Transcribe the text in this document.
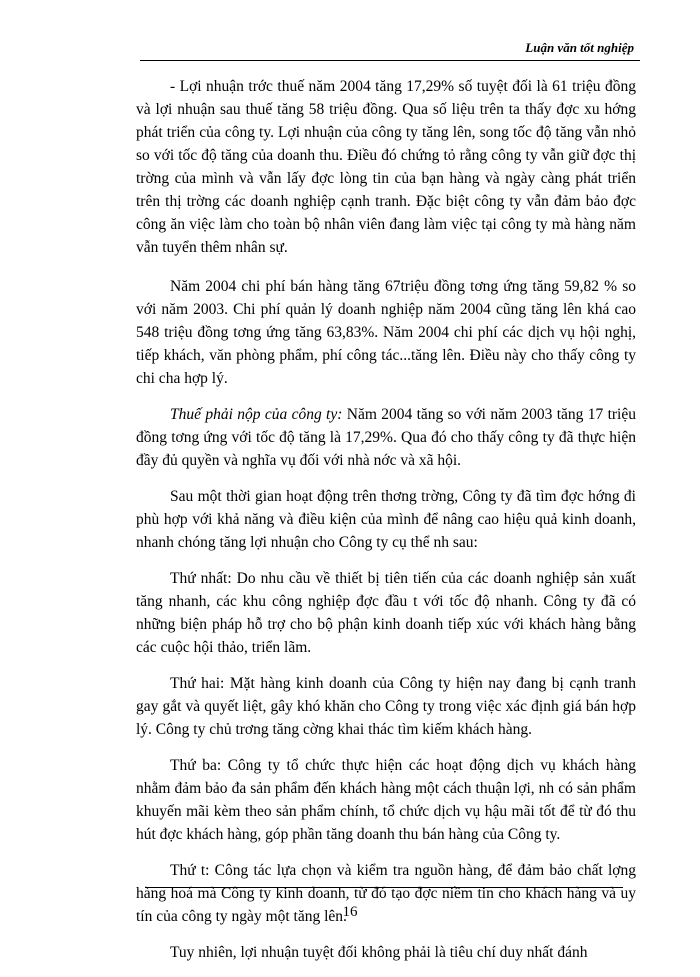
Luận văn tốt nghiệp

- Lợi nhuận trớc thuế năm 2004 tăng 17,29% số tuyệt đối là 61 triệu đồng và lợi nhuận sau thuế tăng 58 triệu đồng. Qua số liệu trên ta thấy đợc xu hớng phát triển của công ty. Lợi nhuận của công ty tăng lên, song tốc độ tăng vẫn nhỏ so với tốc độ tăng của doanh thu. Điều đó chứng tỏ rằng công ty vẫn giữ đợc thị trờng của mình và vẫn lấy đợc lòng tin của bạn hàng và ngày càng phát triển trên thị trờng các doanh nghiệp cạnh tranh. Đặc biệt công ty vẫn đảm bảo đợc công ăn việc làm cho toàn bộ nhân viên đang làm việc tại công ty mà hàng năm vẫn tuyển thêm nhân sự.

Năm 2004 chi phí bán hàng tăng 67triệu đồng tơng ứng tăng 59,82 % so với năm 2003. Chi phí quản lý doanh nghiệp năm 2004 cũng tăng lên khá cao 548 triệu đồng tơng ứng tăng 63,83%. Năm 2004 chi phí các dịch vụ hội nghị, tiếp khách, văn phòng phẩm, phí công tác...tăng lên. Điều này cho thấy công ty chi cha hợp lý.

Thuế phải nộp của công ty: Năm 2004 tăng so với năm 2003 tăng 17 triệu đồng tơng ứng với tốc độ tăng là 17,29%. Qua đó cho thấy công ty đã thực hiện đầy đủ quyền và nghĩa vụ đối với nhà nớc và xã hội.

Sau một thời gian hoạt động trên thơng trờng, Công ty đã tìm đợc hớng đi phù hợp với khả năng và điều kiện của mình để nâng cao hiệu quả kinh doanh, nhanh chóng tăng lợi nhuận cho Công ty cụ thể nh sau:

Thứ nhất: Do nhu cầu về thiết bị tiên tiến của các doanh nghiệp sản xuất tăng nhanh, các khu công nghiệp đợc đầu t với tốc độ nhanh. Công ty đã có những biện pháp hỗ trợ cho bộ phận kinh doanh tiếp xúc với khách hàng bằng các cuộc hội thảo, triển lãm.

Thứ hai: Mặt hàng kinh doanh của Công ty hiện nay đang bị cạnh tranh gay gắt và quyết liệt, gây khó khăn cho Công ty trong việc xác định giá bán hợp lý. Công ty chủ trơng tăng cờng khai thác tìm kiếm khách hàng.

Thứ ba: Công ty tổ chức thực hiện các hoạt động dịch vụ khách hàng nhằm đảm bảo đa sản phẩm đến khách hàng một cách thuận lợi, nh có sản phẩm khuyến mãi kèm theo sản phẩm chính, tổ chức dịch vụ hậu mãi tốt để từ đó thu hút đợc khách hàng, góp phần tăng doanh thu bán hàng của Công ty.

Thứ t: Công tác lựa chọn và kiểm tra nguồn hàng, để đảm bảo chất lợng hàng hoá mà Công ty kinh doanh, từ đó tạo đợc niềm tin cho khách hàng và uy tín của công ty ngày một tăng lên.

Tuy nhiên, lợi nhuận tuyệt đối không phải là tiêu chí duy nhất đánh

16
